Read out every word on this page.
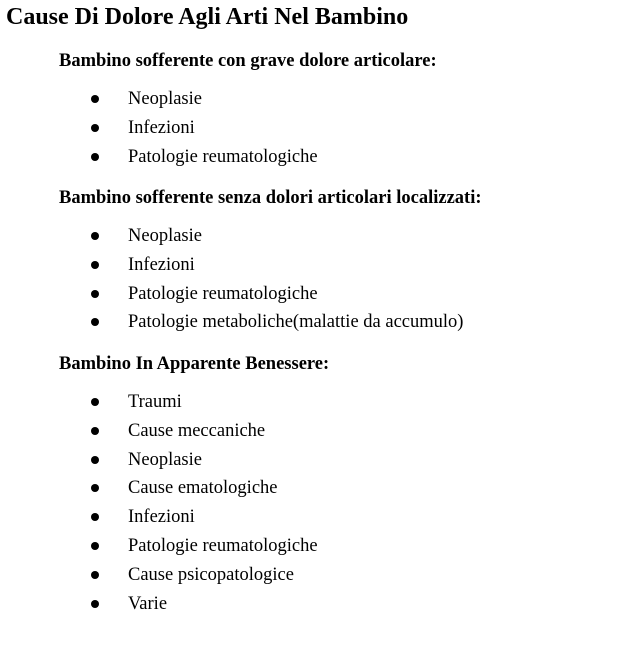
Cause Di Dolore Agli Arti Nel Bambino
Bambino sofferente con grave dolore articolare:
Neoplasie
Infezioni
Patologie reumatologiche
Bambino sofferente senza dolori articolari localizzati:
Neoplasie
Infezioni
Patologie reumatologiche
Patologie metaboliche(malattie da accumulo)
Bambino In Apparente Benessere:
Traumi
Cause meccaniche
Neoplasie
Cause ematologiche
Infezioni
Patologie reumatologiche
Cause psicopatologice
Varie
